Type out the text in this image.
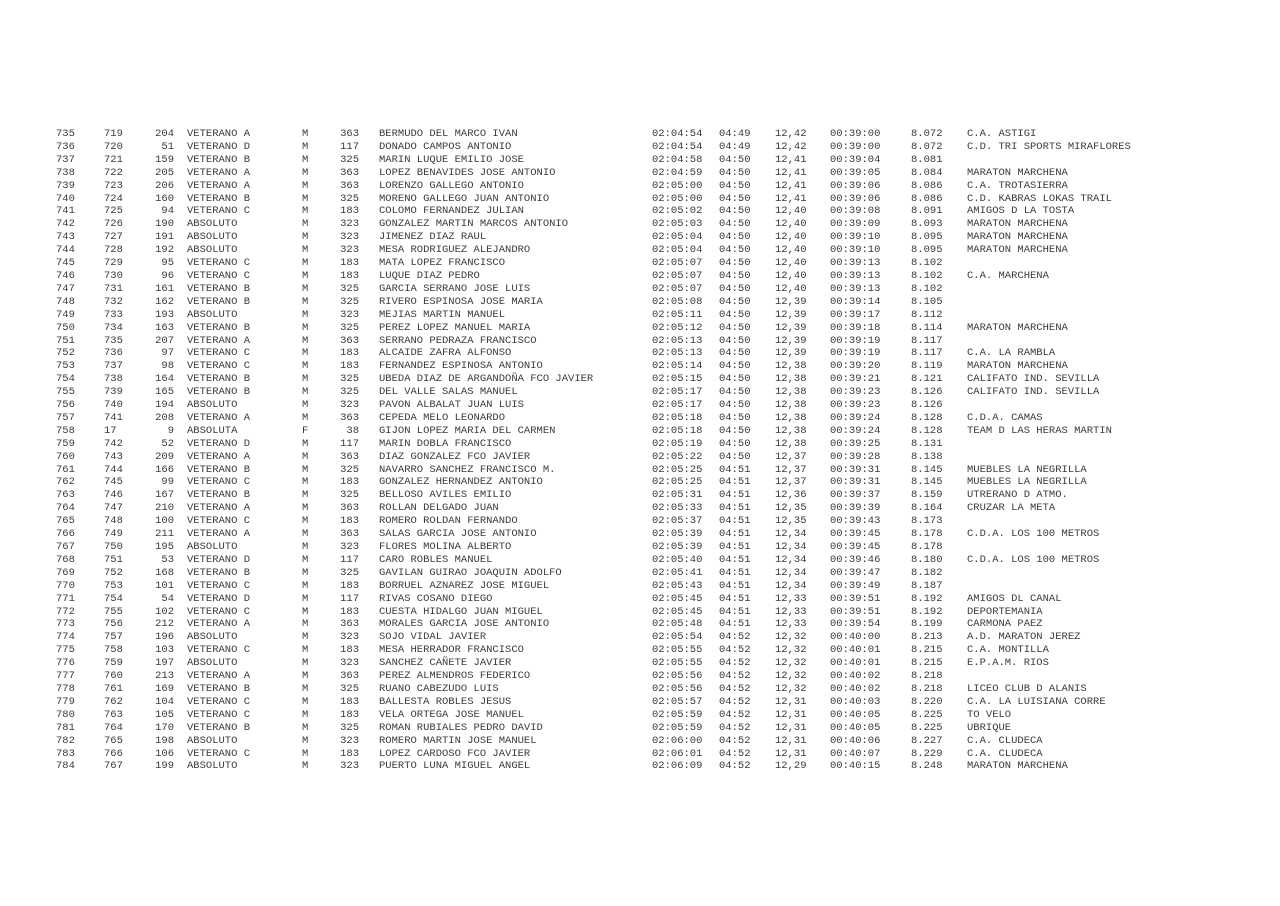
735	719	204 VETERANO A	M	363 BERMUDO DEL MARCO IVAN	02:04:54 04:49 12,42 00:39:00	8.072 C.A. ASTIGI
736	720	51 VETERANO D	M	117 DONADO CAMPOS ANTONIO	02:04:54 04:49 12,42 00:39:00	8.072 C.D. TRI SPORTS MIRAFLORES
737	721	159 VETERANO B	M	325 MARIN LUQUE EMILIO JOSE	02:04:58 04:50 12,41 00:39:04	8.081
738	722	205 VETERANO A	M	363 LOPEZ BENAVIDES JOSE ANTONIO	02:04:59 04:50 12,41 00:39:05	8.084 MARATON MARCHENA
739	723	206 VETERANO A	M	363 LORENZO GALLEGO ANTONIO	02:05:00 04:50 12,41 00:39:06	8.086 C.A. TROTASIERRA
740	724	160 VETERANO B	M	325 MORENO GALLEGO JUAN ANTONIO	02:05:00 04:50 12,41 00:39:06	8.086 C.D. KABRAS LOKAS TRAIL
741	725	94 VETERANO C	M	183 COLOMO FERNANDEZ JULIAN	02:05:02 04:50 12,40 00:39:08	8.091 AMIGOS D LA TOSTA
742	726	190 ABSOLUTO	M	323 GONZALEZ MARTIN MARCOS ANTONIO	02:05:03 04:50 12,40 00:39:09	8.093 MARATON MARCHENA
743	727	191 ABSOLUTO	M	323 JIMENEZ DIAZ RAUL	02:05:04 04:50 12,40 00:39:10	8.095 MARATON MARCHENA
744	728	192 ABSOLUTO	M	323 MESA RODRIGUEZ ALEJANDRO	02:05:04 04:50 12,40 00:39:10	8.095 MARATON MARCHENA
745	729	95 VETERANO C	M	183 MATA LOPEZ FRANCISCO	02:05:07 04:50 12,40 00:39:13	8.102
746	730	96 VETERANO C	M	183 LUQUE DIAZ PEDRO	02:05:07 04:50 12,40 00:39:13	8.102 C.A. MARCHENA
747	731	161 VETERANO B	M	325 GARCIA SERRANO JOSE LUIS	02:05:07 04:50 12,40 00:39:13	8.102
748	732	162 VETERANO B	M	325 RIVERO ESPINOSA JOSE MARIA	02:05:08 04:50 12,39 00:39:14	8.105
749	733	193 ABSOLUTO	M	323 MEJIAS MARTIN MANUEL	02:05:11 04:50 12,39 00:39:17	8.112
750	734	163 VETERANO B	M	325 PEREZ LOPEZ MANUEL MARIA	02:05:12 04:50 12,39 00:39:18	8.114 MARATON MARCHENA
751	735	207 VETERANO A	M	363 SERRANO PEDRAZA FRANCISCO	02:05:13 04:50 12,39 00:39:19	8.117
752	736	97 VETERANO C	M	183 ALCAIDE ZAFRA ALFONSO	02:05:13 04:50 12,39 00:39:19	8.117 C.A. LA RAMBLA
753	737	98 VETERANO C	M	183 FERNANDEZ ESPINOSA ANTONIO	02:05:14 04:50 12,38 00:39:20	8.119 MARATON MARCHENA
754	738	164 VETERANO B	M	325 UBEDA DIAZ DE ARGANDOÑA FCO JAVIER	02:05:15 04:50 12,38 00:39:21	8.121 CALIFATO IND. SEVILLA
755	739	165 VETERANO B	M	325 DEL VALLE SALAS MANUEL	02:05:17 04:50 12,38 00:39:23	8.126 CALIFATO IND. SEVILLA
756	740	194 ABSOLUTO	M	323 PAVON ALBALAT JUAN LUIS	02:05:17 04:50 12,38 00:39:23	8.126
757	741	208 VETERANO A	M	363 CEPEDA MELO LEONARDO	02:05:18 04:50 12,38 00:39:24	8.128 C.D.A. CAMAS
758	17	9 ABSOLUTA	F	38 GIJON LOPEZ MARIA DEL CARMEN	02:05:18 04:50 12,38 00:39:24	8.128 TEAM D LAS HERAS MARTIN
759	742	52 VETERANO D	M	117 MARIN DOBLA FRANCISCO	02:05:19 04:50 12,38 00:39:25	8.131
760	743	209 VETERANO A	M	363 DIAZ GONZALEZ FCO JAVIER	02:05:22 04:50 12,37 00:39:28	8.138
761	744	166 VETERANO B	M	325 NAVARRO SANCHEZ FRANCISCO M.	02:05:25 04:51 12,37 00:39:31	8.145 MUEBLES LA NEGRILLA
762	745	99 VETERANO C	M	183 GONZALEZ HERNANDEZ ANTONIO	02:05:25 04:51 12,37 00:39:31	8.145 MUEBLES LA NEGRILLA
763	746	167 VETERANO B	M	325 BELLOSO AVILES EMILIO	02:05:31 04:51 12,36 00:39:37	8.159 UTRERANO D ATMO.
764	747	210 VETERANO A	M	363 ROLLAN DELGADO JUAN	02:05:33 04:51 12,35 00:39:39	8.164 CRUZAR LA META
765	748	100 VETERANO C	M	183 ROMERO ROLDAN FERNANDO	02:05:37 04:51 12,35 00:39:43	8.173
766	749	211 VETERANO A	M	363 SALAS GARCIA JOSE ANTONIO	02:05:39 04:51 12,34 00:39:45	8.178 C.D.A. LOS 100 METROS
767	750	195 ABSOLUTO	M	323 FLORES MOLINA ALBERTO	02:05:39 04:51 12,34 00:39:45	8.178
768	751	53 VETERANO D	M	117 CARO ROBLES MANUEL	02:05:40 04:51 12,34 00:39:46	8.180 C.D.A. LOS 100 METROS
769	752	168 VETERANO B	M	325 GAVILAN GUIRAO JOAQUIN ADOLFO	02:05:41 04:51 12,34 00:39:47	8.182
770	753	101 VETERANO C	M	183 BORRUEL AZNAREZ JOSE MIGUEL	02:05:43 04:51 12,34 00:39:49	8.187
771	754	54 VETERANO D	M	117 RIVAS COSANO DIEGO	02:05:45 04:51 12,33 00:39:51	8.192 AMIGOS DL CANAL
772	755	102 VETERANO C	M	183 CUESTA HIDALGO JUAN MIGUEL	02:05:45 04:51 12,33 00:39:51	8.192 DEPORTEMANIA
773	756	212 VETERANO A	M	363 MORALES GARCIA JOSE ANTONIO	02:05:48 04:51 12,33 00:39:54	8.199 CARMONA PAEZ
774	757	196 ABSOLUTO	M	323 SOJO VIDAL JAVIER	02:05:54 04:52 12,32 00:40:00	8.213 A.D. MARATON JEREZ
775	758	103 VETERANO C	M	183 MESA HERRADOR FRANCISCO	02:05:55 04:52 12,32 00:40:01	8.215 C.A. MONTILLA
776	759	197 ABSOLUTO	M	323 SANCHEZ CAÑETE JAVIER	02:05:55 04:52 12,32 00:40:01	8.215 E.P.A.M. RIOS
777	760	213 VETERANO A	M	363 PEREZ ALMENDROS FEDERICO	02:05:56 04:52 12,32 00:40:02	8.218
778	761	169 VETERANO B	M	325 RUANO CABEZUDO LUIS	02:05:56 04:52 12,32 00:40:02	8.218 LICEO CLUB D ALANIS
779	762	104 VETERANO C	M	183 BALLESTA ROBLES JESUS	02:05:57 04:52 12,31 00:40:03	8.220 C.A. LA LUISIANA CORRE
780	763	105 VETERANO C	M	183 VELA ORTEGA JOSE MANUEL	02:05:59 04:52 12,31 00:40:05	8.225 TO VELO
781	764	170 VETERANO B	M	325 ROMAN RUBIALES PEDRO DAVID	02:05:59 04:52 12,31 00:40:05	8.225 UBRIQUE
782	765	198 ABSOLUTO	M	323 ROMERO MARTIN JOSE MANUEL	02:06:00 04:52 12,31 00:40:06	8.227 C.A. CLUDECA
783	766	106 VETERANO C	M	183 LOPEZ CARDOSO FCO JAVIER	02:06:01 04:52 12,31 00:40:07	8.229 C.A. CLUDECA
784	767	199 ABSOLUTO	M	323 PUERTO LUNA MIGUEL ANGEL	02:06:09 04:52 12,29 00:40:15	8.248 MARATON MARCHENA
